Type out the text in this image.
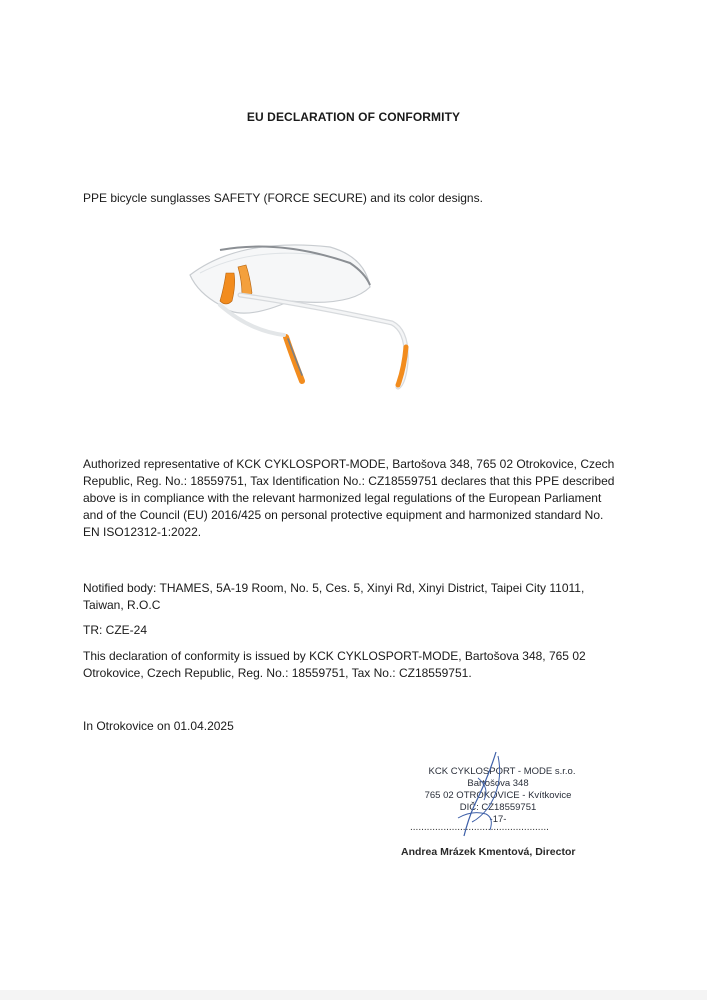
EU DECLARATION OF CONFORMITY
PPE bicycle sunglasses SAFETY (FORCE SECURE) and its color designs.
Authorized representative of KCK CYKLOSPORT-MODE, Bartošova 348, 765 02 Otrokovice, Czech Republic, Reg. No.: 18559751, Tax Identification No.: CZ18559751 declares that this PPE described above is in compliance with the relevant harmonized legal regulations of the European Parliament and of the Council (EU) 2016/425 on personal protective equipment and harmonized standard No. EN ISO12312-1:2022.
Notified body: THAMES, 5A-19 Room, No. 5, Ces. 5, Xinyi Rd, Xinyi District, Taipei City 11011, Taiwan, R.O.C
TR: CZE-24
This declaration of conformity is issued by KCK CYKLOSPORT-MODE, Bartošova 348, 765 02 Otrokovice, Czech Republic, Reg. No.: 18559751, Tax No.: CZ18559751.
In Otrokovice on 01.04.2025
KCK CYKLOSPORT - MODE s.r.o.
Bartošova 348
765 02 OTROKOVICE - Kvítkovice
DIČ: CZ18559751
-17-
..................................................
Andrea Mrázek Kmentová, Director
